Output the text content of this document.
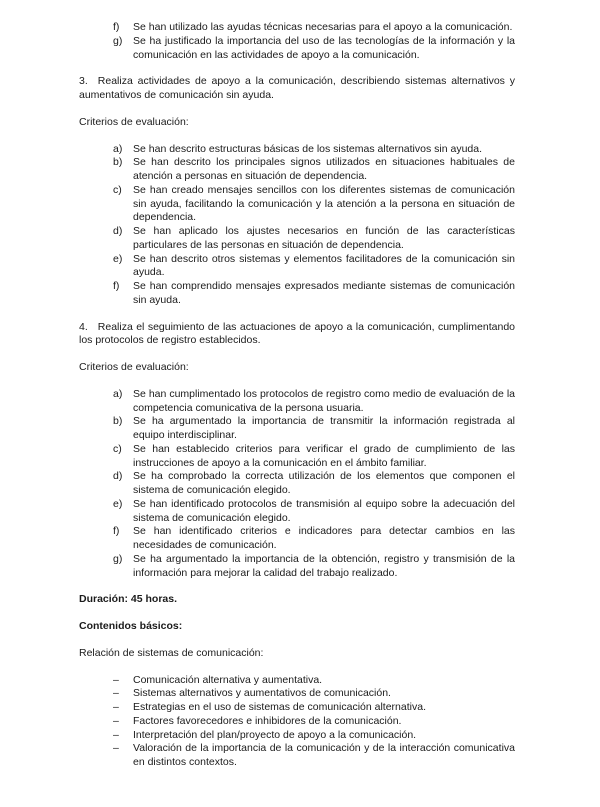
f)	Se han utilizado las ayudas técnicas necesarias para el apoyo a la comunicación.
g)	Se ha justificado la importancia del uso de las tecnologías de la información y la comunicación en las actividades de apoyo a la comunicación.

3. Realiza actividades de apoyo a la comunicación, describiendo sistemas alternativos y aumentativos de comunicación sin ayuda.

Criterios de evaluación:

a)	Se han descrito estructuras básicas de los sistemas alternativos sin ayuda.
b)	Se han descrito los principales signos utilizados en situaciones habituales de atención a personas en situación de dependencia.
c)	Se han creado mensajes sencillos con los diferentes sistemas de comunicación sin ayuda, facilitando la comunicación y la atención a la persona en situación de dependencia.
d)	Se han aplicado los ajustes necesarios en función de las características particulares de las personas en situación de dependencia.
e)	Se han descrito otros sistemas y elementos facilitadores de la comunicación sin ayuda.
f)	Se han comprendido mensajes expresados mediante sistemas de comunicación sin ayuda.

4. Realiza el seguimiento de las actuaciones de apoyo a la comunicación, cumplimentando los protocolos de registro establecidos.

Criterios de evaluación:

a)	Se han cumplimentado los protocolos de registro como medio de evaluación de la competencia comunicativa de la persona usuaria.
b)	Se ha argumentado la importancia de transmitir la información registrada al equipo interdisciplinar.
c)	Se han establecido criterios para verificar el grado de cumplimiento de las instrucciones de apoyo a la comunicación en el ámbito familiar.
d)	Se ha comprobado la correcta utilización de los elementos que componen el sistema de comunicación elegido.
e)	Se han identificado protocolos de transmisión al equipo sobre la adecuación del sistema de comunicación elegido.
f)	Se han identificado criterios e indicadores para detectar cambios en las necesidades de comunicación.
g)	Se ha argumentado la importancia de la obtención, registro y transmisión de la información para mejorar la calidad del trabajo realizado.

Duración: 45 horas.

Contenidos básicos:

Relación de sistemas de comunicación:

–	Comunicación alternativa y aumentativa.
–	Sistemas alternativos y aumentativos de comunicación.
–	Estrategias en el uso de sistemas de comunicación alternativa.
–	Factores favorecedores e inhibidores de la comunicación.
–	Interpretación del plan/proyecto de apoyo a la comunicación.
–	Valoración de la importancia de la comunicación y de la interacción comunicativa en distintos contextos.
